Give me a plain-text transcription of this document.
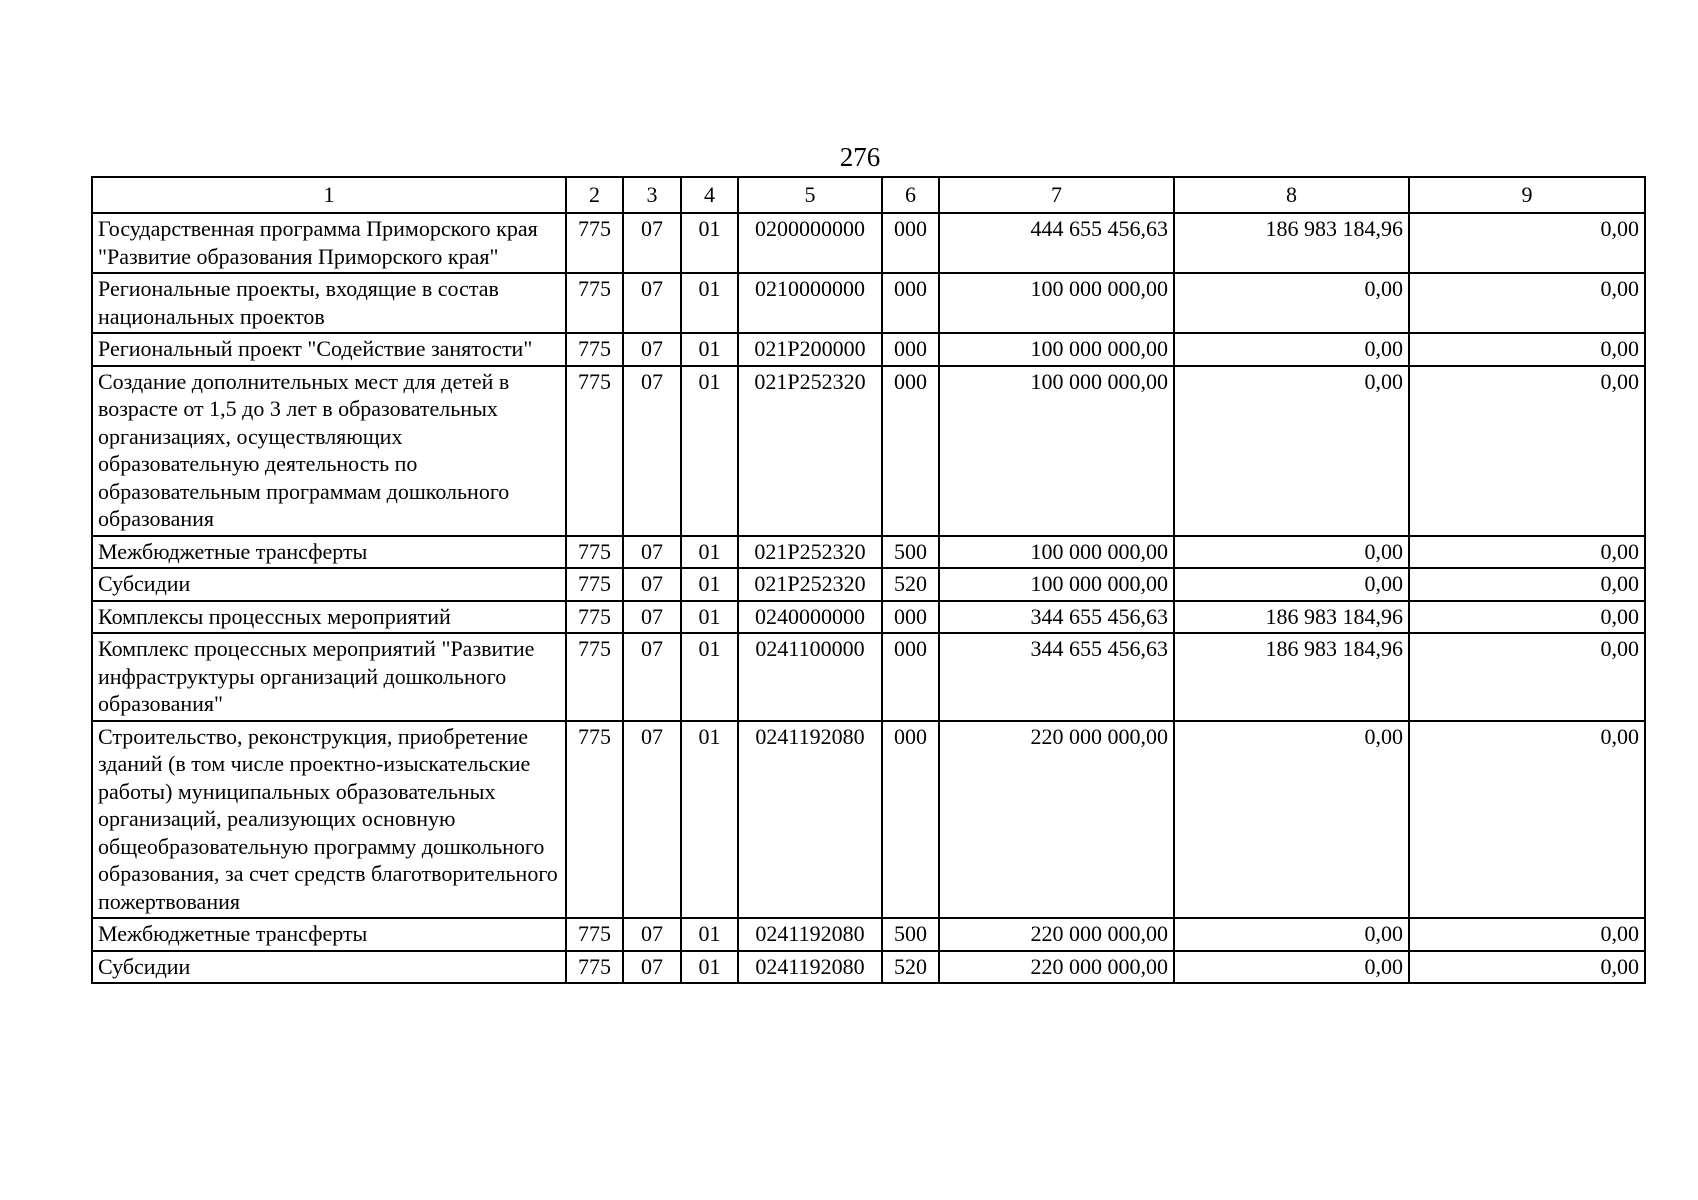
276
1	2	3	4	5	6	7	8	9
Государственная программа Приморского края "Развитие образования Приморского края"	775	07	01	0200000000	000	444 655 456,63	186 983 184,96	0,00
Региональные проекты, входящие в состав национальных проектов	775	07	01	0210000000	000	100 000 000,00	0,00	0,00
Региональный проект "Содействие занятости"	775	07	01	021P200000	000	100 000 000,00	0,00	0,00
Создание дополнительных мест для детей в возрасте от 1,5 до 3 лет в образовательных организациях, осуществляющих образовательную деятельность по образовательным программам дошкольного образования	775	07	01	021P252320	000	100 000 000,00	0,00	0,00
Межбюджетные трансферты	775	07	01	021P252320	500	100 000 000,00	0,00	0,00
Субсидии	775	07	01	021P252320	520	100 000 000,00	0,00	0,00
Комплексы процессных мероприятий	775	07	01	0240000000	000	344 655 456,63	186 983 184,96	0,00
Комплекс процессных мероприятий "Развитие инфраструктуры организаций дошкольного образования"	775	07	01	0241100000	000	344 655 456,63	186 983 184,96	0,00
Строительство, реконструкция, приобретение зданий (в том числе проектно-изыскательские работы) муниципальных образовательных организаций, реализующих основную общеобразовательную программу дошкольного образования, за счет средств благотворительного пожертвования	775	07	01	0241192080	000	220 000 000,00	0,00	0,00
Межбюджетные трансферты	775	07	01	0241192080	500	220 000 000,00	0,00	0,00
Субсидии	775	07	01	0241192080	520	220 000 000,00	0,00	0,00
